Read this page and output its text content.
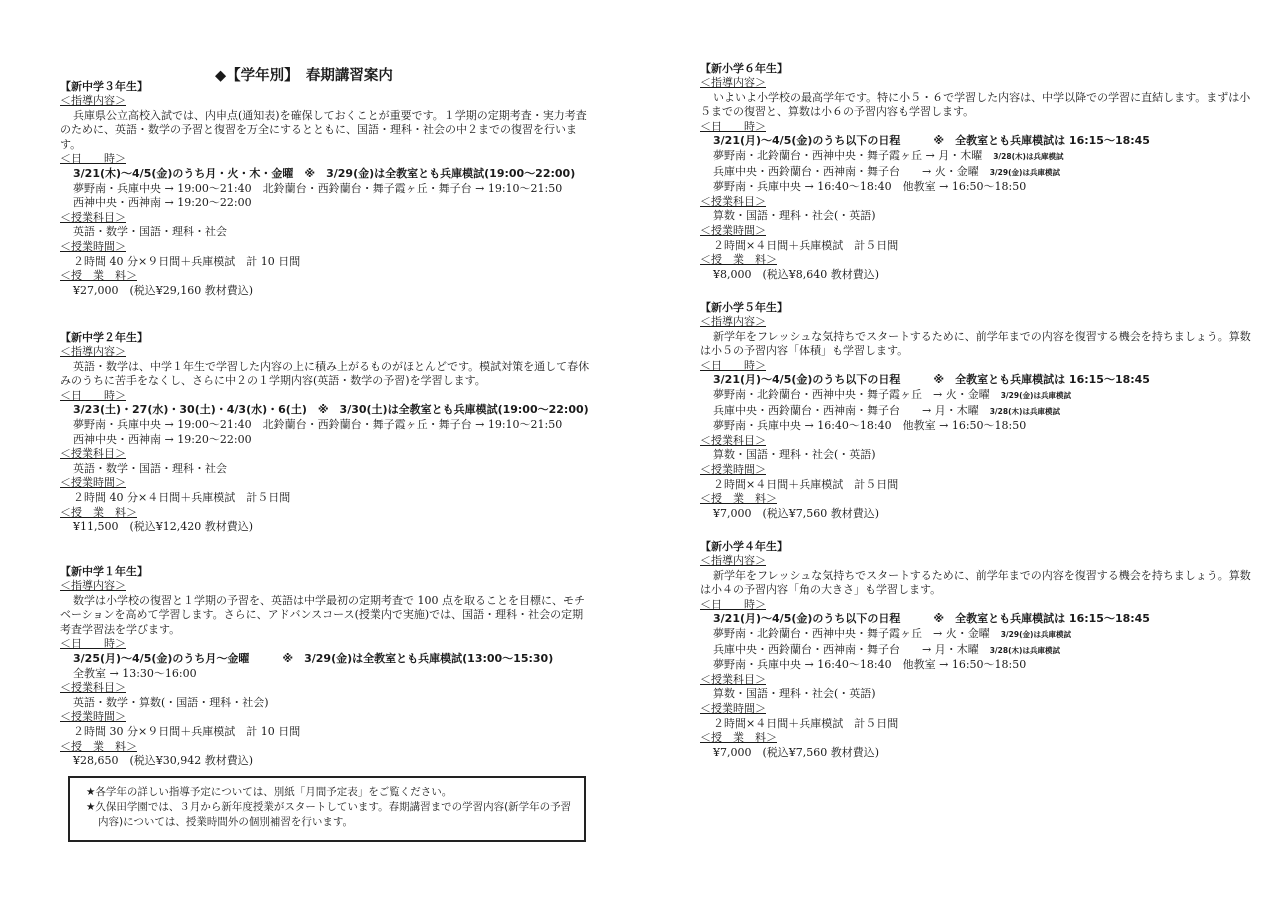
◆【学年別】　春期講習案内
【新中学３年生】
＜指導内容＞
兵庫県公立高校入試では、内申点(通知表)を確保しておくことが重要です。１学期の定期考査・実力考査のために、英語・数学の予習と復習を万全にするとともに、国語・理科・社会の中２までの復習を行います。
＜日　　時＞
3/21(木)～4/5(金)のうち月・火・木・金曜　※　3/29(金)は全教室とも兵庫模試(19:00～22:00)
夢野南・兵庫中央 → 19:00～21:40　北鈴蘭台・西鈴蘭台・舞子霞ヶ丘・舞子台 → 19:10～21:50
西神中央・西神南 → 19:20～22:00
＜授業科目＞
英語・数学・国語・理科・社会
＜授業時間＞
２時間 40 分×９日間＋兵庫模試　計 10 日間
＜授　業　料＞
¥27,000　(税込¥29,160 教材費込)
【新中学２年生】
＜指導内容＞
英語・数学は、中学１年生で学習した内容の上に積み上がるものがほとんどです。模試対策を通して春休みのうちに苦手をなくし、さらに中２の１学期内容(英語・数学の予習)を学習します。
＜日　　時＞
3/23(土)・27(水)・30(土)・4/3(水)・6(土)　※　3/30(土)は全教室とも兵庫模試(19:00～22:00)
夢野南・兵庫中央 → 19:00～21:40　北鈴蘭台・西鈴蘭台・舞子霞ヶ丘・舞子台 → 19:10～21:50
西神中央・西神南 → 19:20～22:00
＜授業科目＞
英語・数学・国語・理科・社会
＜授業時間＞
２時間 40 分×４日間＋兵庫模試　計５日間
＜授　業　料＞
¥11,500　(税込¥12,420 教材費込)
【新中学１年生】
＜指導内容＞
数学は小学校の復習と１学期の予習を、英語は中学最初の定期考査で 100 点を取ることを目標に、モチベーションを高めて学習します。さらに、アドバンスコース(授業内で実施)では、国語・理科・社会の定期考査学習法を学びます。
＜日　　時＞
3/25(月)～4/5(金)のうち月～金曜　　　※　3/29(金)は全教室とも兵庫模試(13:00～15:30)
全教室 → 13:30～16:00
＜授業科目＞
英語・数学・算数(・国語・理科・社会)
＜授業時間＞
２時間 30 分×９日間＋兵庫模試　計 10 日間
＜授　業　料＞
¥28,650　(税込¥30,942 教材費込)
★各学年の詳しい指導予定については、別紙「月間予定表」をご覧ください。
★久保田学園では、３月から新年度授業がスタートしています。春期講習までの学習内容(新学年の予習内容)については、授業時間外の個別補習を行います。
【新小学６年生】
＜指導内容＞
いよいよ小学校の最高学年です。特に小５・６で学習した内容は、中学以降での学習に直結します。まずは小５までの復習と、算数は小６の予習内容も学習します。
＜日　　時＞
3/21(月)～4/5(金)のうち以下の日程　　　※　全教室とも兵庫模試は 16:15～18:45
夢野南・北鈴蘭台・西神中央・舞子霞ヶ丘 → 月・木曜　 3/28(木)は兵庫模試
兵庫中央・西鈴蘭台・西神南・舞子台　　→ 火・金曜　 3/29(金)は兵庫模試
夢野南・兵庫中央 → 16:40～18:40　他教室 → 16:50～18:50
＜授業科目＞
算数・国語・理科・社会(・英語)
＜授業時間＞
２時間×４日間＋兵庫模試　計５日間
＜授　業　料＞
¥8,000　(税込¥8,640 教材費込)
【新小学５年生】
＜指導内容＞
新学年をフレッシュな気持ちでスタートするために、前学年までの内容を復習する機会を持ちましょう。算数は小５の予習内容「体積」も学習します。
＜日　　時＞
3/21(月)～4/5(金)のうち以下の日程　　　※　全教室とも兵庫模試は 16:15～18:45
夢野南・北鈴蘭台・西神中央・舞子霞ヶ丘　→ 火・金曜　 3/29(金)は兵庫模試
兵庫中央・西鈴蘭台・西神南・舞子台　　→ 月・木曜　 3/28(木)は兵庫模試
夢野南・兵庫中央 → 16:40～18:40　他教室 → 16:50～18:50
＜授業科目＞
算数・国語・理科・社会(・英語)
＜授業時間＞
２時間×４日間＋兵庫模試　計５日間
＜授　業　料＞
¥7,000　(税込¥7,560 教材費込)
【新小学４年生】
＜指導内容＞
新学年をフレッシュな気持ちでスタートするために、前学年までの内容を復習する機会を持ちましょう。算数は小４の予習内容「角の大きさ」も学習します。
＜日　　時＞
3/21(月)～4/5(金)のうち以下の日程　　　※　全教室とも兵庫模試は 16:15～18:45
夢野南・北鈴蘭台・西神中央・舞子霞ヶ丘　→ 火・金曜　 3/29(金)は兵庫模試
兵庫中央・西鈴蘭台・西神南・舞子台　　→ 月・木曜　 3/28(木)は兵庫模試
夢野南・兵庫中央 → 16:40～18:40　他教室 → 16:50～18:50
＜授業科目＞
算数・国語・理科・社会(・英語)
＜授業時間＞
２時間×４日間＋兵庫模試　計５日間
＜授　業　料＞
¥7,000　(税込¥7,560 教材費込)
